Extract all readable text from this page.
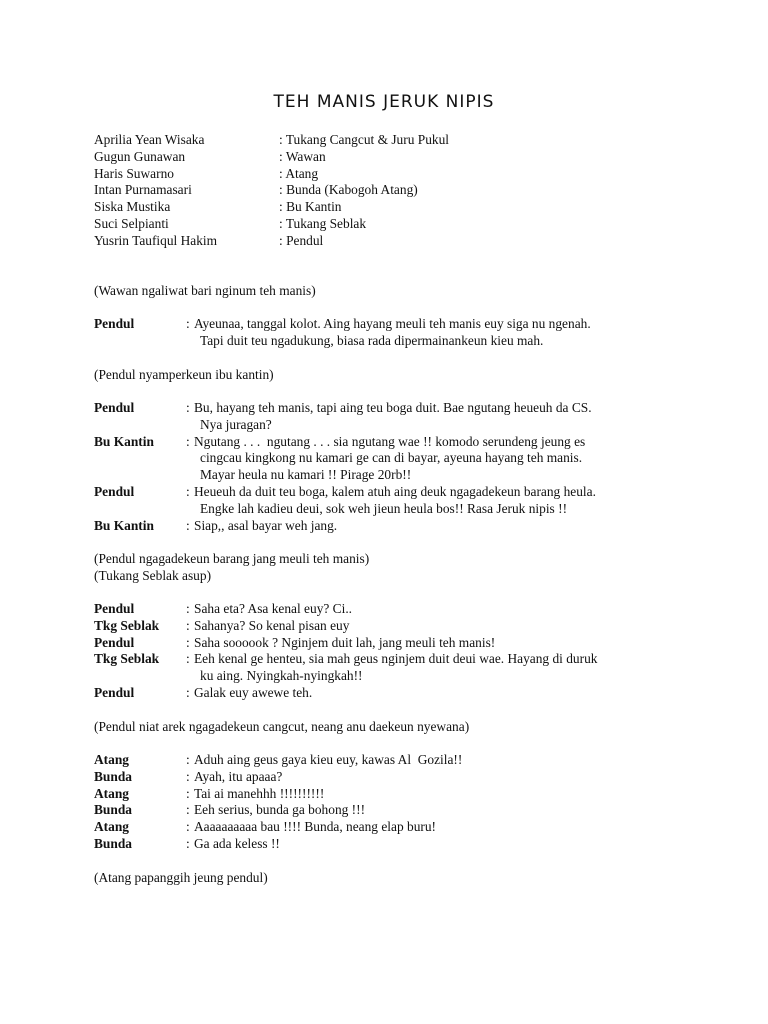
TEH MANIS JERUK NIPIS
Aprilia Yean Wisaka	: Tukang Cangcut & Juru Pukul
Gugun Gunawan	: Wawan
Haris Suwarno	: Atang
Intan Purnamasari	: Bunda (Kabogoh Atang)
Siska Mustika	: Bu Kantin
Suci Selpianti	: Tukang Seblak
Yusrin Taufiqul Hakim	: Pendul
(Wawan ngaliwat bari nginum teh manis)
Pendul	: Ayeunaa, tanggal kolot. Aing hayang meuli teh manis euy siga nu ngenah.
Tapi duit teu ngadukung, biasa rada dipermainankeun kieu mah.
(Pendul nyamperkeun ibu kantin)
Pendul	: Bu, hayang teh manis, tapi aing teu boga duit. Bae ngutang heueuh da CS.
Nya juragan?
Bu Kantin	: Ngutang . . .  ngutang . . . sia ngutang wae !! komodo serundeng jeung es
cingcau kingkong nu kamari ge can di bayar, ayeuna hayang teh manis.
Mayar heula nu kamari !! Pirage 20rb!!
Pendul	: Heueuh da duit teu boga, kalem atuh aing deuk ngagadekeun barang heula.
Engke lah kadieu deui, sok weh jieun heula bos!! Rasa Jeruk nipis !!
Bu Kantin	: Siap,, asal bayar weh jang.
(Pendul ngagadekeun barang jang meuli teh manis)
(Tukang Seblak asup)
Pendul	: Saha eta? Asa kenal euy? Ci..
Tkg Seblak	: Sahanya? So kenal pisan euy
Pendul	: Saha soooook ? Nginjem duit lah, jang meuli teh manis!
Tkg Seblak	: Eeh kenal ge henteu, sia mah geus nginjem duit deui wae. Hayang di duruk
ku aing. Nyingkah-nyingkah!!
Pendul	: Galak euy awewe teh.
(Pendul niat arek ngagadekeun cangcut, neang anu daekeun nyewana)
Atang	: Aduh aing geus gaya kieu euy, kawas Al  Gozila!!
Bunda	: Ayah, itu apaaa?
Atang	: Tai ai manehhh !!!!!!!!!!
Bunda	: Eeh serius, bunda ga bohong !!!
Atang	: Aaaaaaaaaa bau !!!! Bunda, neang elap buru!
Bunda	: Ga ada keless !!
(Atang papanggih jeung pendul)
